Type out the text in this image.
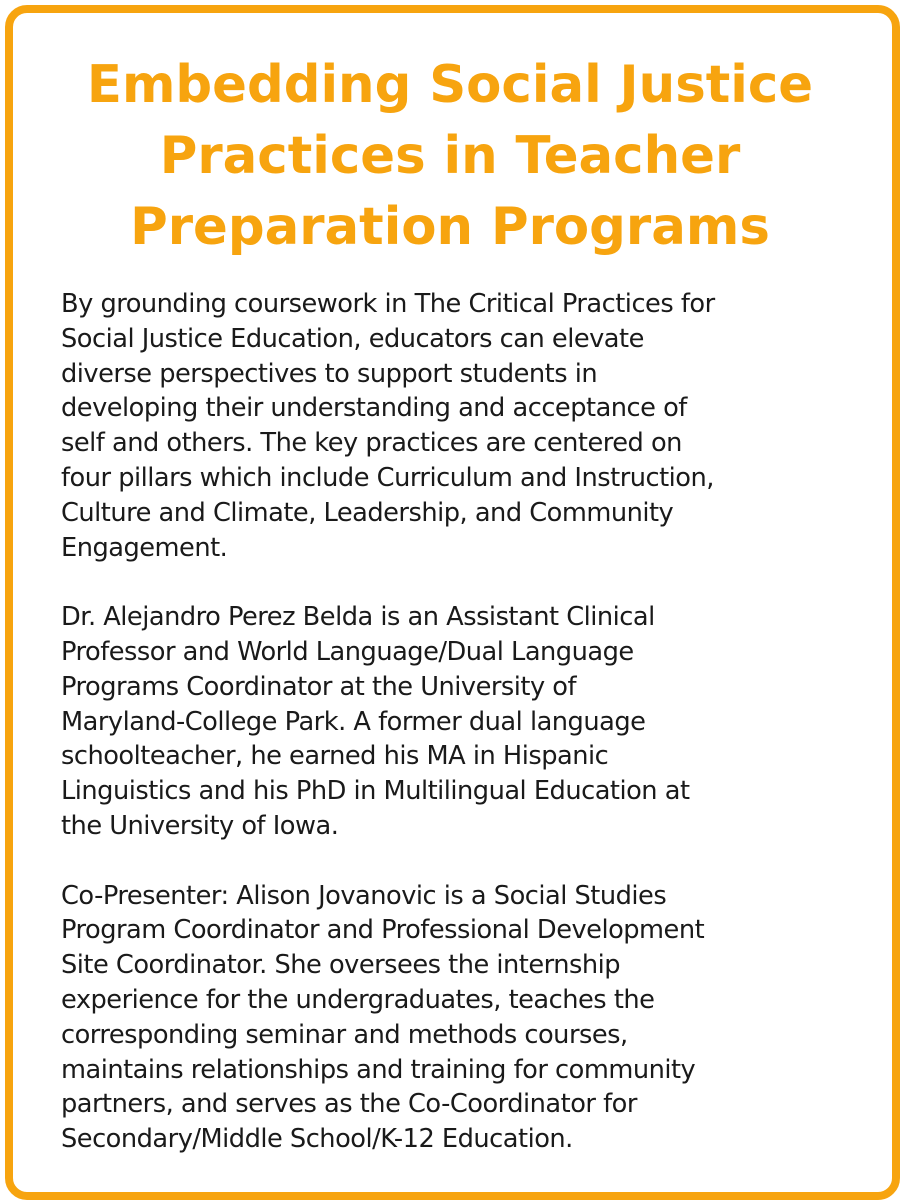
Embedding Social Justice
Practices in Teacher
Preparation Programs

By grounding coursework in The Critical Practices for
Social Justice Education, educators can elevate
diverse perspectives to support students in
developing their understanding and acceptance of
self and others. The key practices are centered on
four pillars which include Curriculum and Instruction,
Culture and Climate, Leadership, and Community
Engagement.

Dr. Alejandro Perez Belda is an Assistant Clinical
Professor and World Language/Dual Language
Programs Coordinator at the University of
Maryland-College Park. A former dual language
schoolteacher, he earned his MA in Hispanic
Linguistics and his PhD in Multilingual Education at
the University of Iowa.

Co-Presenter: Alison Jovanovic is a Social Studies
Program Coordinator and Professional Development
Site Coordinator. She oversees the internship
experience for the undergraduates, teaches the
corresponding seminar and methods courses,
maintains relationships and training for community
partners, and serves as the Co-Coordinator for
Secondary/Middle School/K-12 Education.
